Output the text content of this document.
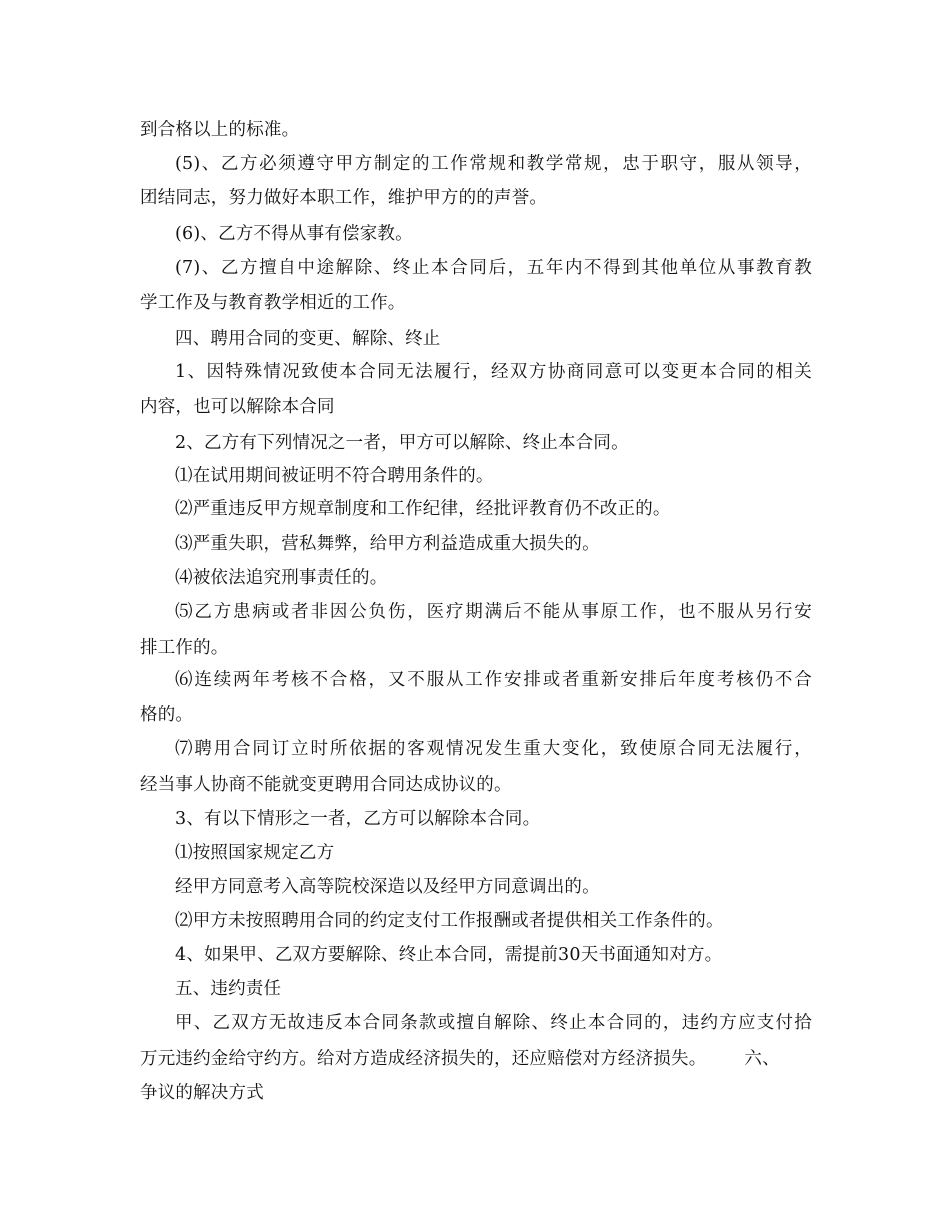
到合格以上的标准。
(5)、乙方必须遵守甲方制定的工作常规和教学常规，忠于职守，服从领导，
团结同志，努力做好本职工作，维护甲方的的声誉。
(6)、乙方不得从事有偿家教。
(7)、乙方擅自中途解除、终止本合同后，五年内不得到其他单位从事教育教
学工作及与教育教学相近的工作。
四、聘用合同的变更、解除、终止
1、因特殊情况致使本合同无法履行，经双方协商同意可以变更本合同的相关
内容，也可以解除本合同
2、乙方有下列情况之一者，甲方可以解除、终止本合同。
⑴在试用期间被证明不符合聘用条件的。
⑵严重违反甲方规章制度和工作纪律，经批评教育仍不改正的。
⑶严重失职，营私舞弊，给甲方利益造成重大损失的。
⑷被依法追究刑事责任的。
⑸乙方患病或者非因公负伤，医疗期满后不能从事原工作，也不服从另行安
排工作的。
⑹连续两年考核不合格，又不服从工作安排或者重新安排后年度考核仍不合
格的。
⑺聘用合同订立时所依据的客观情况发生重大变化，致使原合同无法履行，
经当事人协商不能就变更聘用合同达成协议的。
3、有以下情形之一者，乙方可以解除本合同。
⑴按照国家规定乙方
经甲方同意考入高等院校深造以及经甲方同意调出的。
⑵甲方未按照聘用合同的约定支付工作报酬或者提供相关工作条件的。
4、如果甲、乙双方要解除、终止本合同，需提前30天书面通知对方。
五、违约责任
甲、乙双方无故违反本合同条款或擅自解除、终止本合同的，违约方应支付拾
万元违约金给守约方。给对方造成经济损失的，还应赔偿对方经济损失。 六、
争议的解决方式
